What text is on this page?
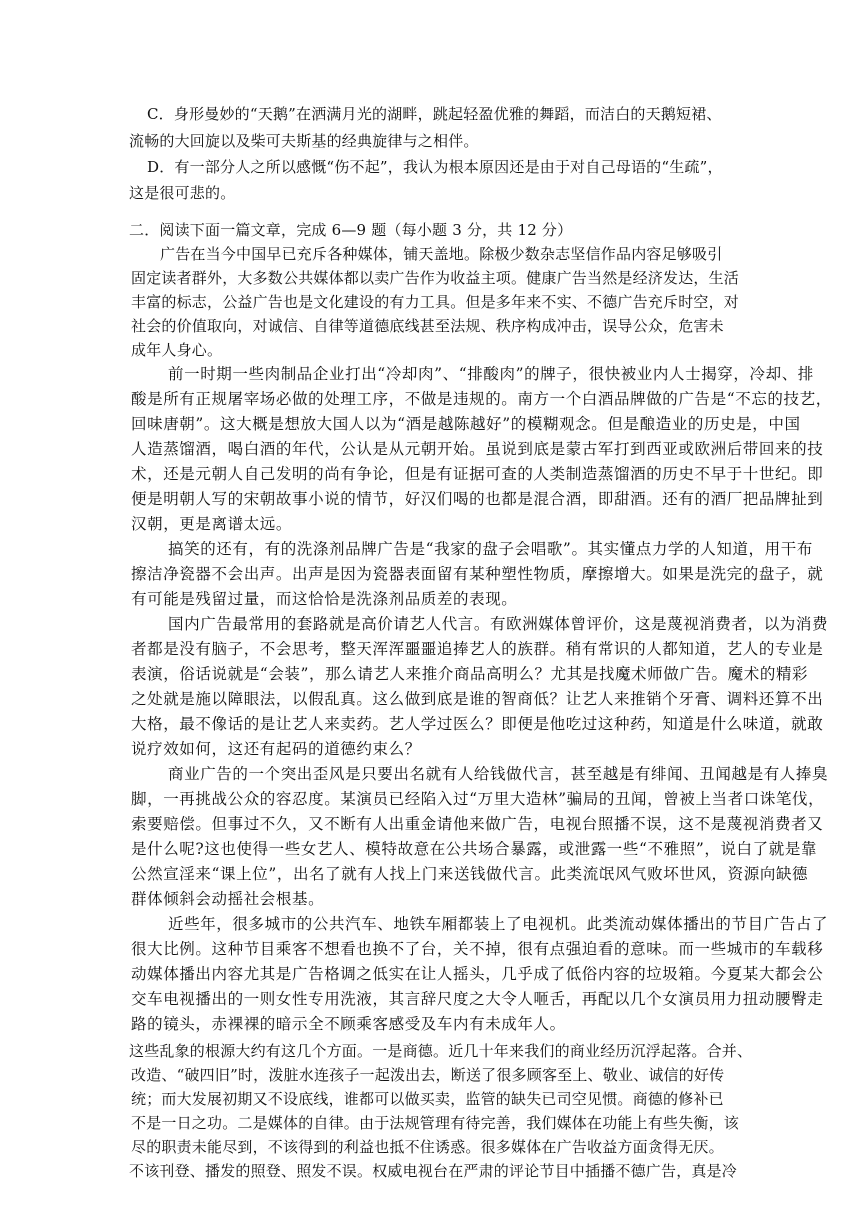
C．身形曼妙的“天鹅”在洒满月光的湖畔，跳起轻盈优雅的舞蹈，而洁白的天鹅短裙、
流畅的大回旋以及柴可夫斯基的经典旋律与之相伴。
D．有一部分人之所以感慨“伤不起”，我认为根本原因还是由于对自己母语的“生疏”，
这是很可悲的。
二．阅读下面一篇文章，完成 6—9 题（每小题 3 分，共 12 分）
广告在当今中国早已充斥各种媒体，铺天盖地。除极少数杂志坚信作品内容足够吸引
固定读者群外，大多数公共媒体都以卖广告作为收益主项。健康广告当然是经济发达，生活
丰富的标志，公益广告也是文化建设的有力工具。但是多年来不实、不德广告充斥时空，对
社会的价值取向，对诚信、自律等道德底线甚至法规、秩序构成冲击，误导公众，危害未
成年人身心。
前一时期一些肉制品企业打出“冷却肉”、“排酸肉”的牌子，很快被业内人士揭穿，冷却、排
酸是所有正规屠宰场必做的处理工序，不做是违规的。南方一个白酒品牌做的广告是“不忘的技艺，
回味唐朝”。这大概是想放大国人以为“酒是越陈越好”的模糊观念。但是酿造业的历史是，中国
人造蒸馏酒，喝白酒的年代，公认是从元朝开始。虽说到底是蒙古军打到西亚或欧洲后带回来的技
术，还是元朝人自己发明的尚有争论，但是有证据可查的人类制造蒸馏酒的历史不早于十世纪。即
便是明朝人写的宋朝故事小说的情节，好汉们喝的也都是混合酒，即甜酒。还有的酒厂把品牌扯到
汉朝，更是离谱太远。
搞笑的还有，有的洗涤剂品牌广告是“我家的盘子会唱歌”。其实懂点力学的人知道，用干布
擦洁净瓷器不会出声。出声是因为瓷器表面留有某种塑性物质，摩擦增大。如果是洗完的盘子，就
有可能是残留过量，而这恰恰是洗涤剂品质差的表现。
国内广告最常用的套路就是高价请艺人代言。有欧洲媒体曾评价，这是蔑视消费者，以为消费
者都是没有脑子，不会思考，整天浑浑噩噩追捧艺人的族群。稍有常识的人都知道，艺人的专业是
表演，俗话说就是“会装”，那么请艺人来推介商品高明么？尤其是找魔术师做广告。魔术的精彩
之处就是施以障眼法，以假乱真。这么做到底是谁的智商低？让艺人来推销个牙膏、调料还算不出
大格，最不像话的是让艺人来卖药。艺人学过医么？即便是他吃过这种药，知道是什么味道，就敢
说疗效如何，这还有起码的道德约束么？
商业广告的一个突出歪风是只要出名就有人给钱做代言，甚至越是有绯闻、丑闻越是有人捧臭
脚，一再挑战公众的容忍度。某演员已经陷入过“万里大造林”骗局的丑闻，曾被上当者口诛笔伐，
索要赔偿。但事过不久，又不断有人出重金请他来做广告，电视台照播不误，这不是蔑视消费者又
是什么呢?这也使得一些女艺人、模特故意在公共场合暴露，或泄露一些“不雅照”，说白了就是靠
公然宣淫来“课上位”，出名了就有人找上门来送钱做代言。此类流氓风气败坏世风，资源向缺德
群体倾斜会动摇社会根基。
近些年，很多城市的公共汽车、地铁车厢都装上了电视机。此类流动媒体播出的节目广告占了
很大比例。这种节目乘客不想看也换不了台，关不掉，很有点强迫看的意味。而一些城市的车载移
动媒体播出内容尤其是广告格调之低实在让人摇头，几乎成了低俗内容的垃圾箱。今夏某大都会公
交车电视播出的一则女性专用洗液，其言辞尺度之大令人咂舌，再配以几个女演员用力扭动腰臀走
路的镜头，赤裸裸的暗示全不顾乘客感受及车内有未成年人。
这些乱象的根源大约有这几个方面。一是商德。近几十年来我们的商业经历沉浮起落。合并、
改造、“破四旧”时，泼脏水连孩子一起泼出去，断送了很多顾客至上、敬业、诚信的好传
统；而大发展初期又不设底线，谁都可以做买卖，监管的缺失已司空见惯。商德的修补已
不是一日之功。二是媒体的自律。由于法规管理有待完善，我们媒体在功能上有些失衡，该
尽的职责未能尽到，不该得到的利益也抵不住诱惑。很多媒体在广告收益方面贪得无厌。
不该刊登、播发的照登、照发不误。权威电视台在严肃的评论节目中插播不德广告，真是冷
